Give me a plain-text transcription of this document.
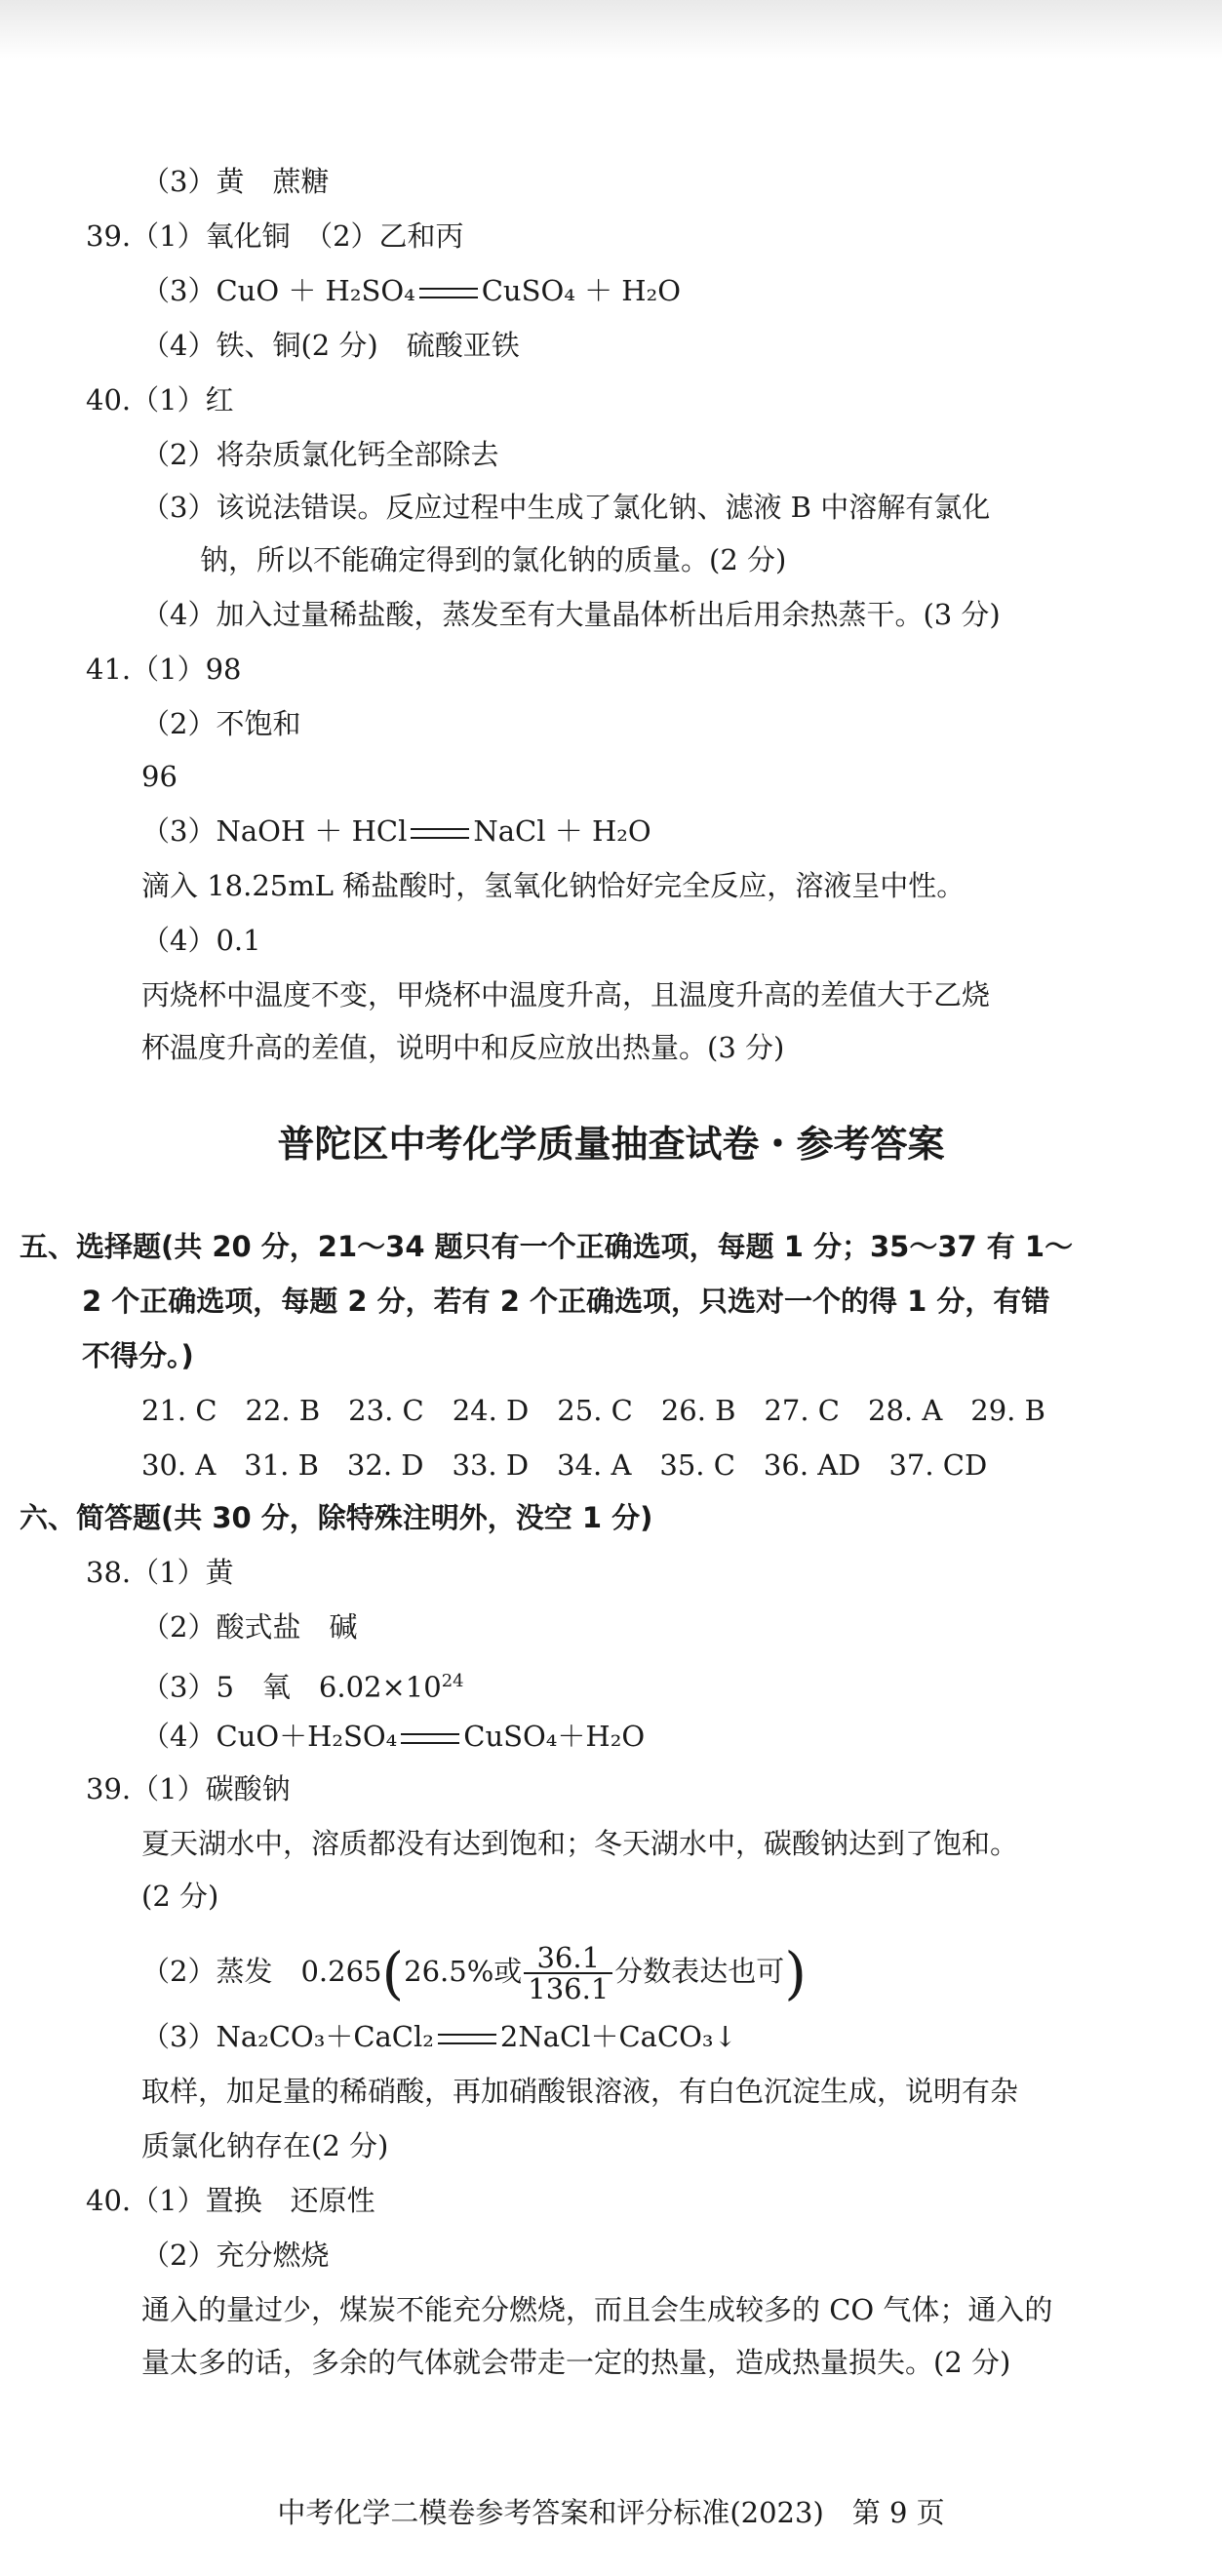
（3）黄　蔗糖
39.（1）氧化铜　（2）乙和丙
（3）CuO ＋ H₂SO₄ CuSO₄ ＋ H₂O
（4）铁、铜(2 分)　硫酸亚铁
40.（1）红
（2）将杂质氯化钙全部除去
（3）该说法错误。反应过程中生成了氯化钠、滤液 B 中溶解有氯化
钠，所以不能确定得到的氯化钠的质量。(2 分)
（4）加入过量稀盐酸，蒸发至有大量晶体析出后用余热蒸干。(3 分)
41.（1）98
（2）不饱和
96
（3）NaOH ＋ HCl NaCl ＋ H₂O
滴入 18.25mL 稀盐酸时，氢氧化钠恰好完全反应，溶液呈中性。
（4）0.1
丙烧杯中温度不变，甲烧杯中温度升高，且温度升高的差值大于乙烧
杯温度升高的差值，说明中和反应放出热量。(3 分)
普陀区中考化学质量抽查试卷・参考答案
五、选择题(共 20 分，21～34 题只有一个正确选项，每题 1 分；35～37 有 1～
2 个正确选项，每题 2 分，若有 2 个正确选项，只选对一个的得 1 分，有错
不得分。)
21. C　22. B　23. C　24. D　25. C　26. B　27. C　28. A　29. B
30. A　31. B　32. D　33. D　34. A　35. C　36. AD　37. CD
六、简答题(共 30 分，除特殊注明外，没空 1 分)
38.（1）黄
（2）酸式盐　碱
（3）5　氧　$6.02\times 10^{24}$
（4）CuO＋H₂SO₄ CuSO₄＋H₂O
39.（1）碳酸钠
夏天湖水中，溶质都没有达到饱和；冬天湖水中，碳酸钠达到了饱和。
(2 分)
（2）蒸发　0.265(26.5%或 $\frac{36.1}{136.1}$ 分数表达也可)
（3）Na₂CO₃＋CaCl₂ 2NaCl＋CaCO₃↓
取样，加足量的稀硝酸，再加硝酸银溶液，有白色沉淀生成，说明有杂
质氯化钠存在(2 分)
40.（1）置换　还原性
（2）充分燃烧
通入的量过少，煤炭不能充分燃烧，而且会生成较多的 CO 气体；通入的
量太多的话，多余的气体就会带走一定的热量，造成热量损失。(2 分)
中考化学二模卷参考答案和评分标准(2023)　第 9 页
